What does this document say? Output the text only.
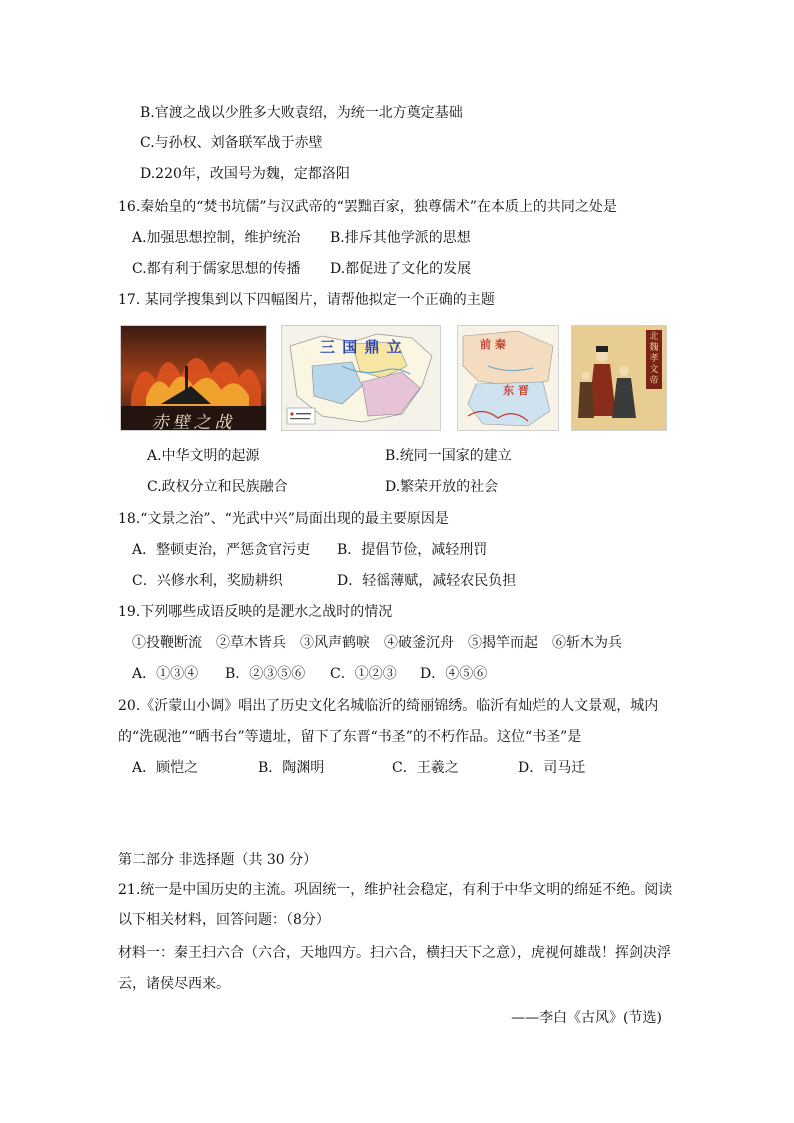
B.官渡之战以少胜多大败袁绍，为统一北方奠定基础
C.与孙权、刘备联军战于赤壁
D.220年，改国号为魏，定都洛阳
16.秦始皇的“焚书坑儒”与汉武帝的“罢黜百家，独尊儒术”在本质上的共同之处是
A.加强思想控制，维护统治 B.排斥其他学派的思想
C.都有利于儒家思想的传播 D.都促进了文化的发展
17. 某同学搜集到以下四幅图片，请帮他拟定一个正确的主题
赤壁之战
三 国 鼎 立	前 秦
东 晋
北魏孝文帝
A.中华文明的起源	B.统同一国家的建立
C.政权分立和民族融合	D.繁荣开放的社会
18.“文景之治”、“光武中兴”局面出现的最主要原因是
A．整顿吏治，严惩贪官污吏 B．提倡节俭，减轻刑罚
C．兴修水利，奖励耕织	D．轻徭薄赋，减轻农民负担
19.下列哪些成语反映的是淝水之战时的情况
①投鞭断流　②草木皆兵　③风声鹤唳　④破釜沉舟　⑤揭竿而起　⑥斩木为兵
A．①③④ B．②③⑤⑥ C．①②③ D．④⑤⑥
20.《沂蒙山小调》唱出了历史文化名城临沂的绮丽锦绣。临沂有灿烂的人文景观，城内
的“洗砚池”“晒书台”等遗址，留下了东晋“书圣”的不朽作品。这位“书圣”是
A．顾恺之	B．陶渊明	C．王羲之	D．司马迁
第二部分 非选择题（共 30 分）
21.统一是中国历史的主流。巩固统一，维护社会稳定，有利于中华文明的绵延不绝。阅读
以下相关材料，回答问题：（8分）
材料一：秦王扫六合（六合，天地四方。扫六合，横扫天下之意），虎视何雄哉！挥剑决浮
云，诸侯尽西来。
——李白《古风》(节选)
